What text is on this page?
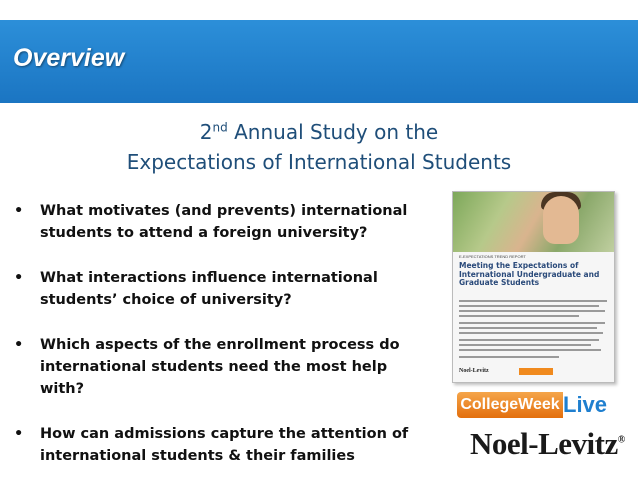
Overview
2nd Annual Study on the
Expectations of International Students
• What motivates (and prevents) international students to attend a foreign university?
• What interactions influence international students’ choice of university?
• Which aspects of the enrollment process do international students need the most help with?
• How can admissions capture the attention of international students & their families
E-EXPECTATIONS TREND REPORT
Meeting the Expectations of International Undergraduate and Graduate Students
Noel-Levitz
CollegeWeek Live
Noel-Levitz®
